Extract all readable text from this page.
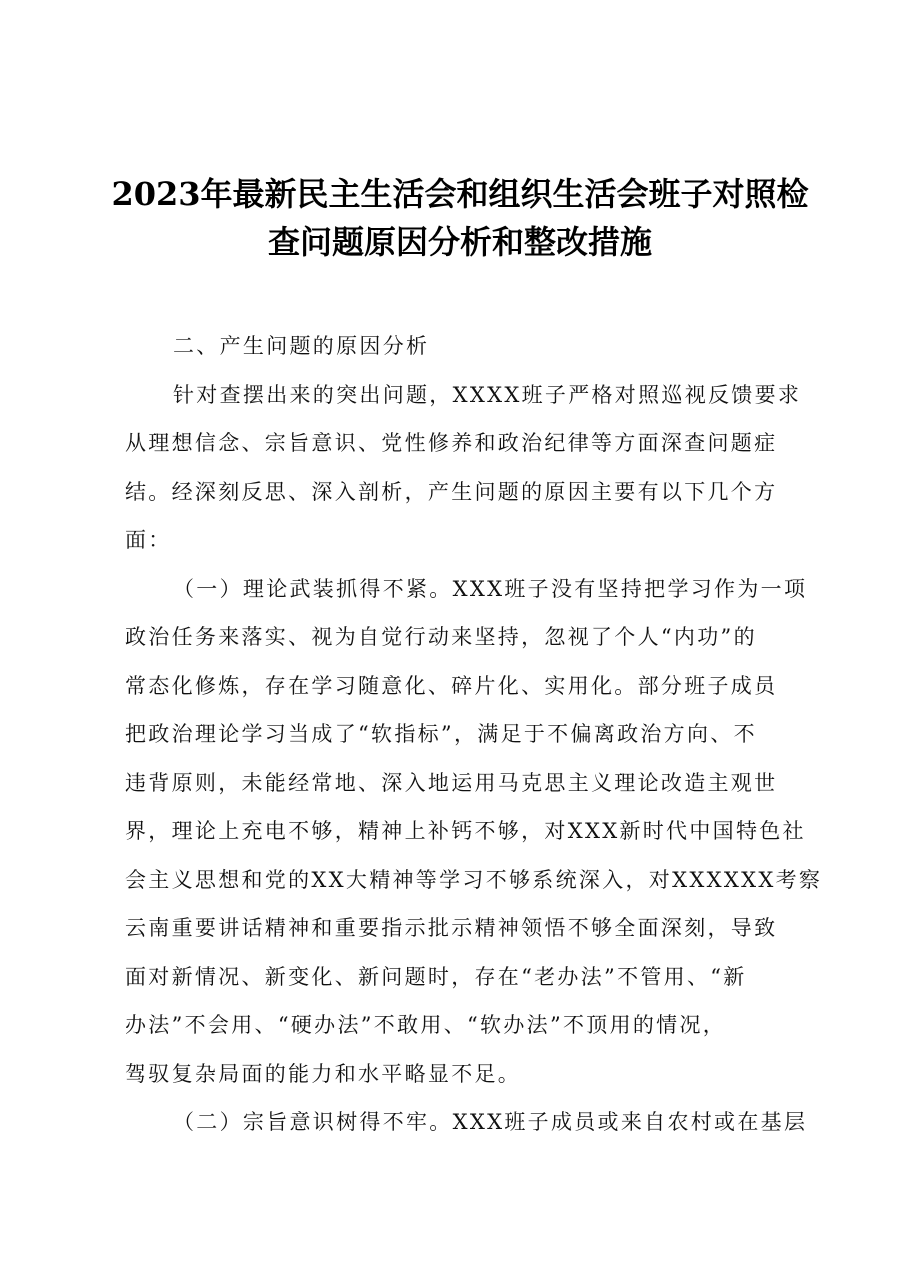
2023年最新民主生活会和组织生活会班子对照检
查问题原因分析和整改措施
二、产生问题的原因分析
针对查摆出来的突出问题，XXXX班子严格对照巡视反馈要求
从理想信念、宗旨意识、党性修养和政治纪律等方面深查问题症
结。经深刻反思、深入剖析，产生问题的原因主要有以下几个方
面：
（一）理论武装抓得不紧。XXX班子没有坚持把学习作为一项
政治任务来落实、视为自觉行动来坚持，忽视了个人“内功”的
常态化修炼，存在学习随意化、碎片化、实用化。部分班子成员
把政治理论学习当成了“软指标”，满足于不偏离政治方向、不
违背原则，未能经常地、深入地运用马克思主义理论改造主观世
界，理论上充电不够，精神上补钙不够，对XXX新时代中国特色社
会主义思想和党的XX大精神等学习不够系统深入，对XXXXXX考察
云南重要讲话精神和重要指示批示精神领悟不够全面深刻，导致
面对新情况、新变化、新问题时，存在“老办法”不管用、“新
办法”不会用、“硬办法”不敢用、“软办法”不顶用的情况，
驾驭复杂局面的能力和水平略显不足。
（二）宗旨意识树得不牢。XXX班子成员或来自农村或在基层
